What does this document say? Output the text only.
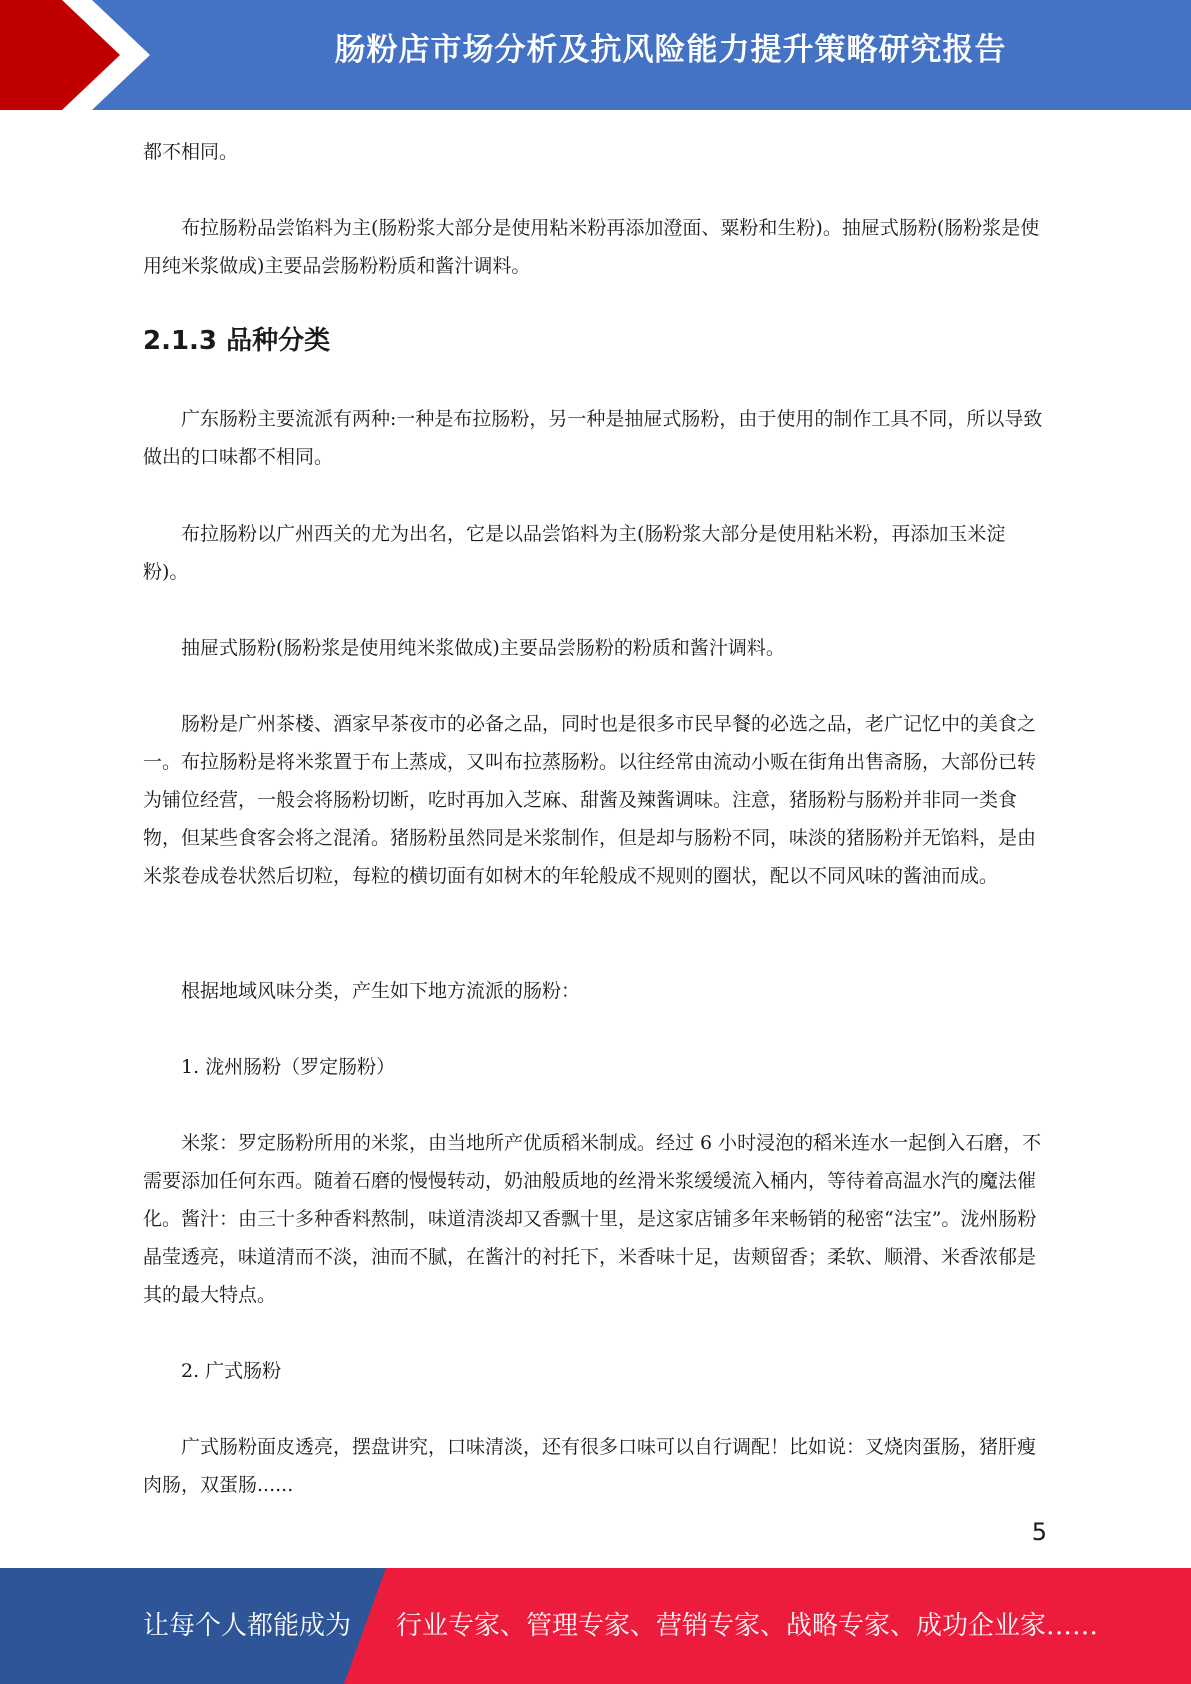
肠粉店市场分析及抗风险能力提升策略研究报告

都不相同。

布拉肠粉品尝馅料为主(肠粉浆大部分是使用粘米粉再添加澄面、粟粉和生粉)。抽屉式肠粉(肠粉浆是使用纯米浆做成)主要品尝肠粉粉质和酱汁调料。

2.1.3 品种分类

广东肠粉主要流派有两种:一种是布拉肠粉，另一种是抽屉式肠粉，由于使用的制作工具不同，所以导致做出的口味都不相同。

布拉肠粉以广州西关的尤为出名，它是以品尝馅料为主(肠粉浆大部分是使用粘米粉，再添加玉米淀粉)。

抽屉式肠粉(肠粉浆是使用纯米浆做成)主要品尝肠粉的粉质和酱汁调料。

肠粉是广州茶楼、酒家早茶夜市的必备之品，同时也是很多市民早餐的必选之品，老广记忆中的美食之一。布拉肠粉是将米浆置于布上蒸成，又叫布拉蒸肠粉。以往经常由流动小贩在街角出售斋肠，大部份已转为铺位经营，一般会将肠粉切断，吃时再加入芝麻、甜酱及辣酱调味。注意，猪肠粉与肠粉并非同一类食物，但某些食客会将之混淆。猪肠粉虽然同是米浆制作，但是却与肠粉不同，味淡的猪肠粉并无馅料，是由米浆卷成卷状然后切粒，每粒的横切面有如树木的年轮般成不规则的圈状，配以不同风味的酱油而成。

根据地域风味分类，产生如下地方流派的肠粉：

1. 泷州肠粉（罗定肠粉）

米浆：罗定肠粉所用的米浆，由当地所产优质稻米制成。经过 6 小时浸泡的稻米连水一起倒入石磨，不需要添加任何东西。随着石磨的慢慢转动，奶油般质地的丝滑米浆缓缓流入桶内，等待着高温水汽的魔法催化。酱汁：由三十多种香料熬制，味道清淡却又香飘十里，是这家店铺多年来畅销的秘密“法宝”。泷州肠粉晶莹透亮，味道清而不淡，油而不腻，在酱汁的衬托下，米香味十足，齿颊留香；柔软、顺滑、米香浓郁是其的最大特点。

2. 广式肠粉

广式肠粉面皮透亮，摆盘讲究，口味清淡，还有很多口味可以自行调配！比如说：叉烧肉蛋肠，猪肝瘦肉肠，双蛋肠......

5
让每个人都能成为 行业专家、管理专家、营销专家、战略专家、成功企业家……
